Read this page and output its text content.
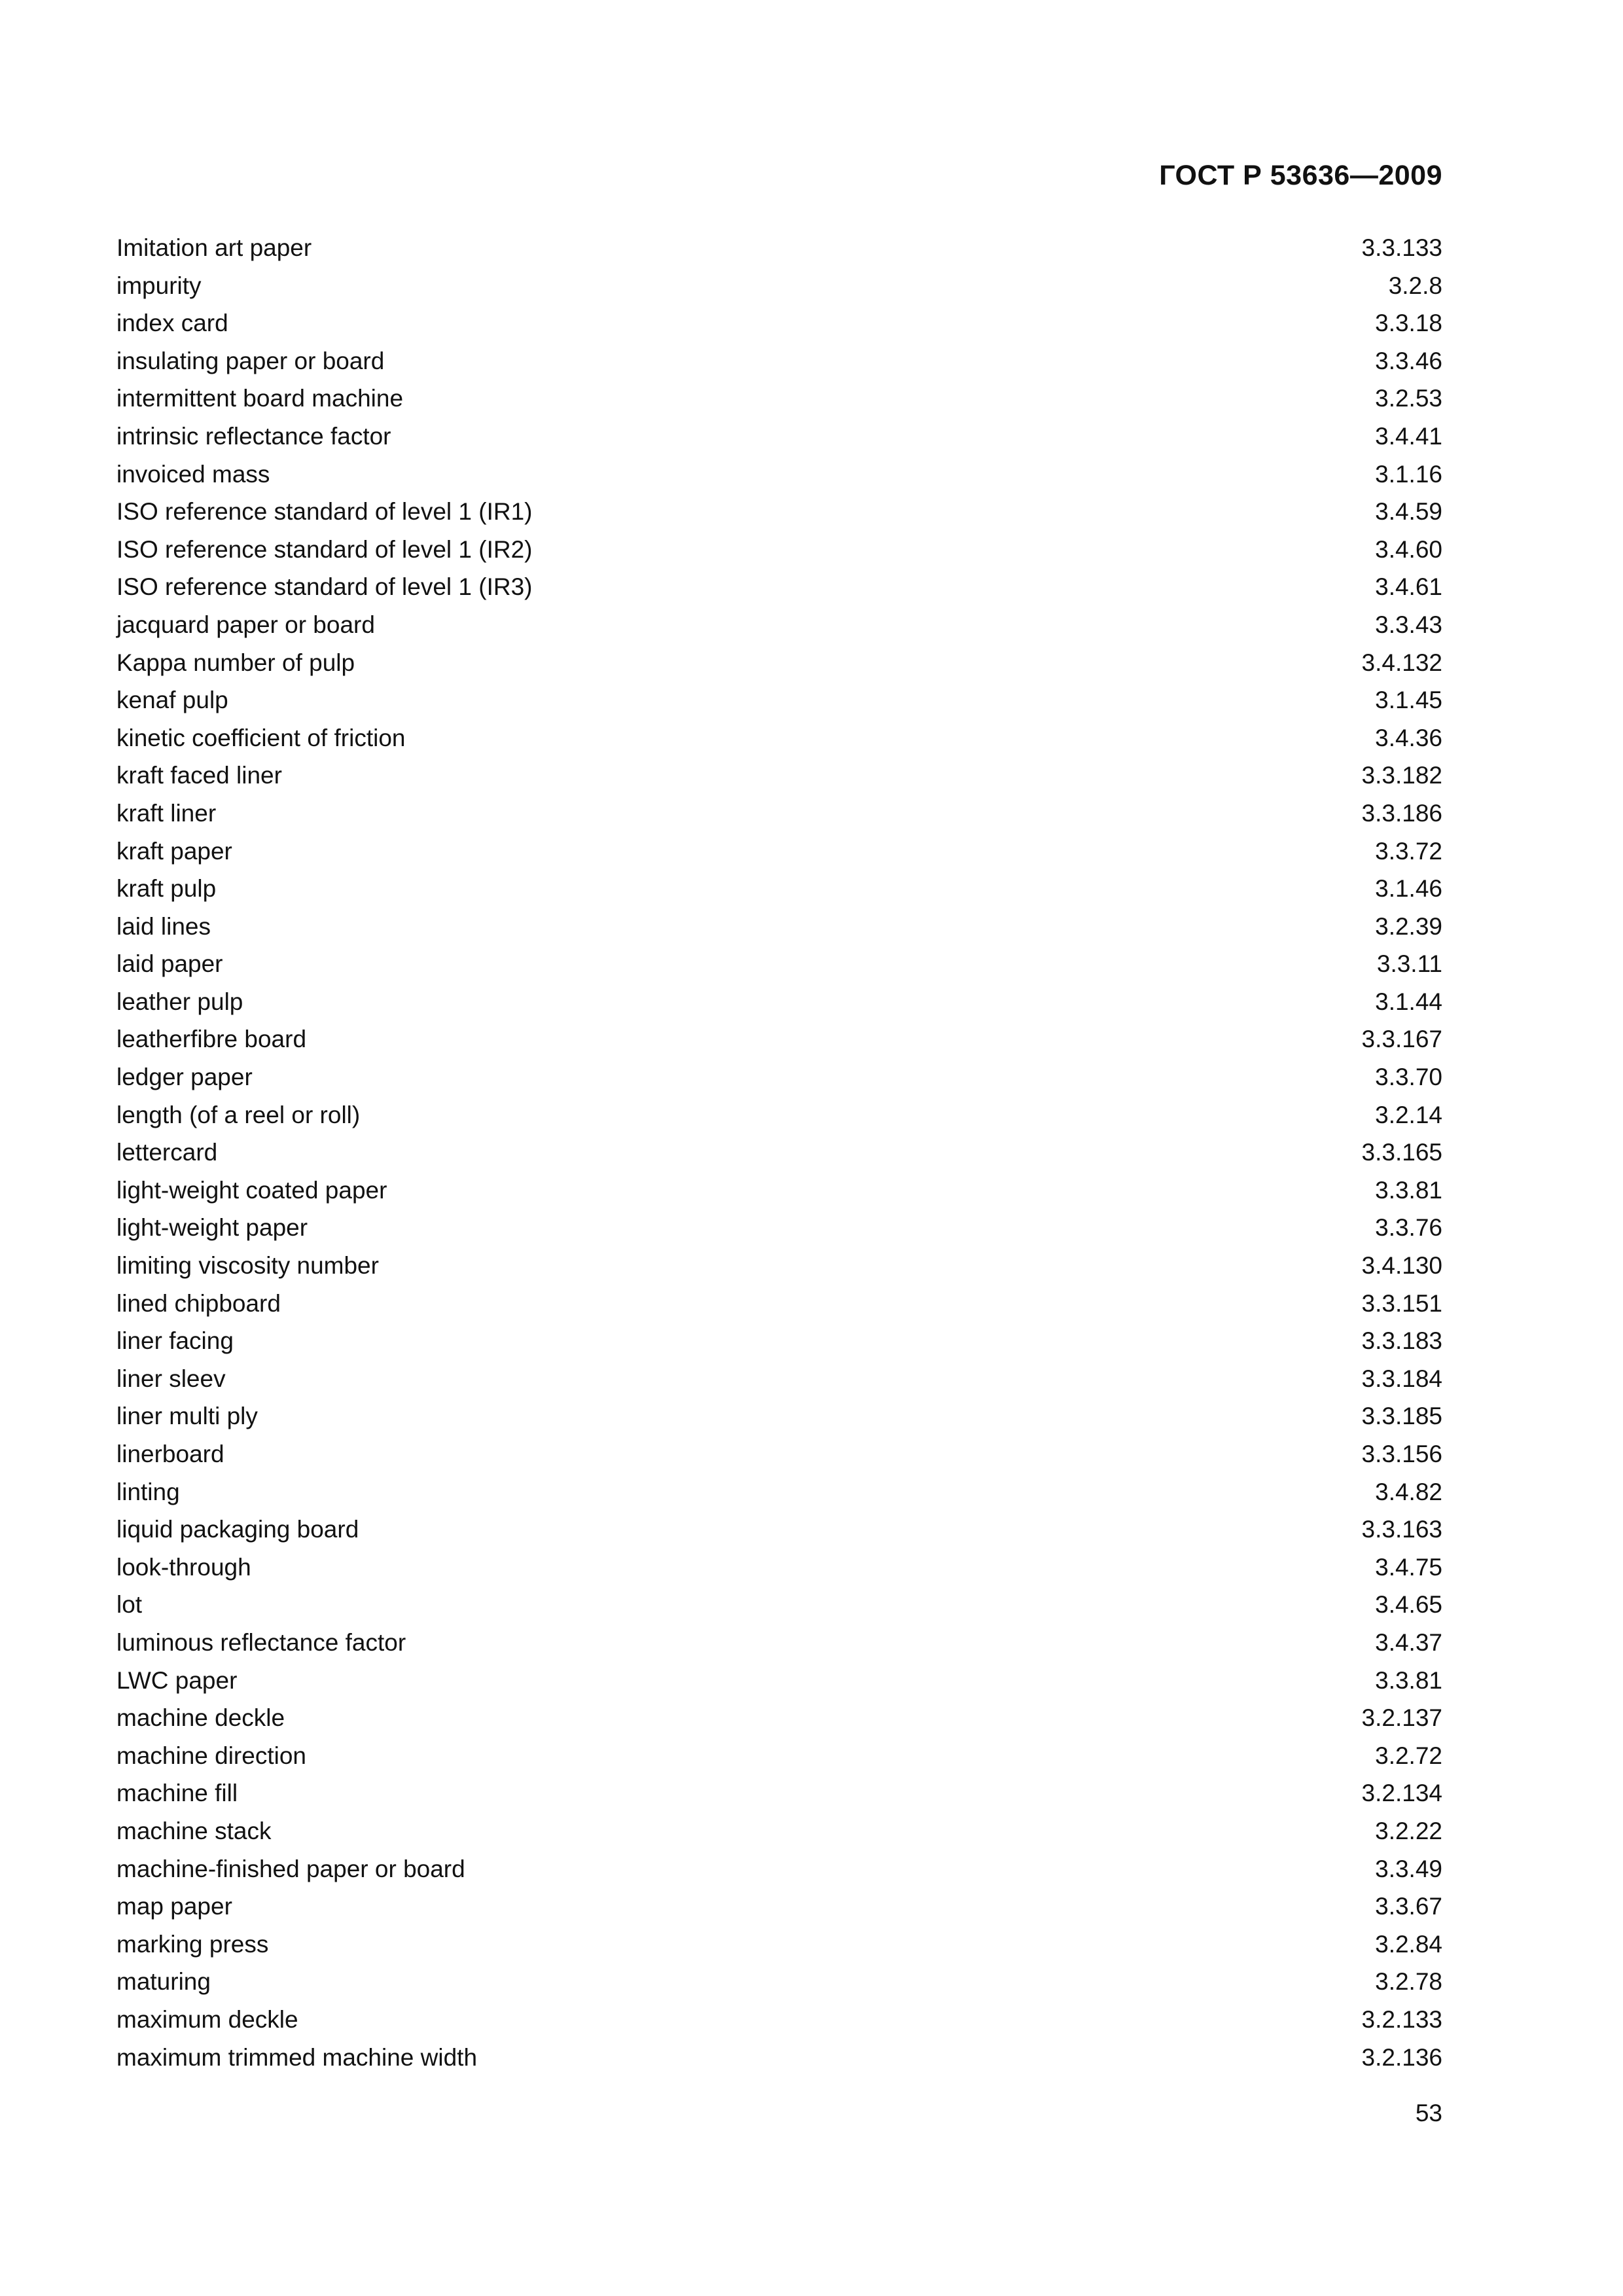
ГОСТ Р 53636—2009
Imitation art paper	3.3.133
impurity	3.2.8
index card	3.3.18
insulating paper or board	3.3.46
intermittent board machine	3.2.53
intrinsic reflectance factor	3.4.41
invoiced mass	3.1.16
ISO reference standard of level 1 (IR1)	3.4.59
ISO reference standard of level 1 (IR2)	3.4.60
ISO reference standard of level 1 (IR3)	3.4.61
jacquard paper or board	3.3.43
Kappa number of pulp	3.4.132
kenaf pulp	3.1.45
kinetic coefficient of friction	3.4.36
kraft faced liner	3.3.182
kraft liner	3.3.186
kraft paper	3.3.72
kraft pulp	3.1.46
laid lines	3.2.39
laid paper	3.3.11
leather pulp	3.1.44
leatherfibre board	3.3.167
ledger paper	3.3.70
length (of a reel or roll)	3.2.14
lettercard	3.3.165
light-weight coated paper	3.3.81
light-weight paper	3.3.76
limiting viscosity number	3.4.130
lined chipboard	3.3.151
liner facing	3.3.183
liner sleev	3.3.184
liner multi ply	3.3.185
linerboard	3.3.156
linting	3.4.82
liquid packaging board	3.3.163
look-through	3.4.75
lot	3.4.65
luminous reflectance factor	3.4.37
LWC paper	3.3.81
machine deckle	3.2.137
machine direction	3.2.72
machine fill	3.2.134
machine stack	3.2.22
machine-finished paper or board	3.3.49
map paper	3.3.67
marking press	3.2.84
maturing	3.2.78
maximum deckle	3.2.133
maximum trimmed machine width	3.2.136
53
